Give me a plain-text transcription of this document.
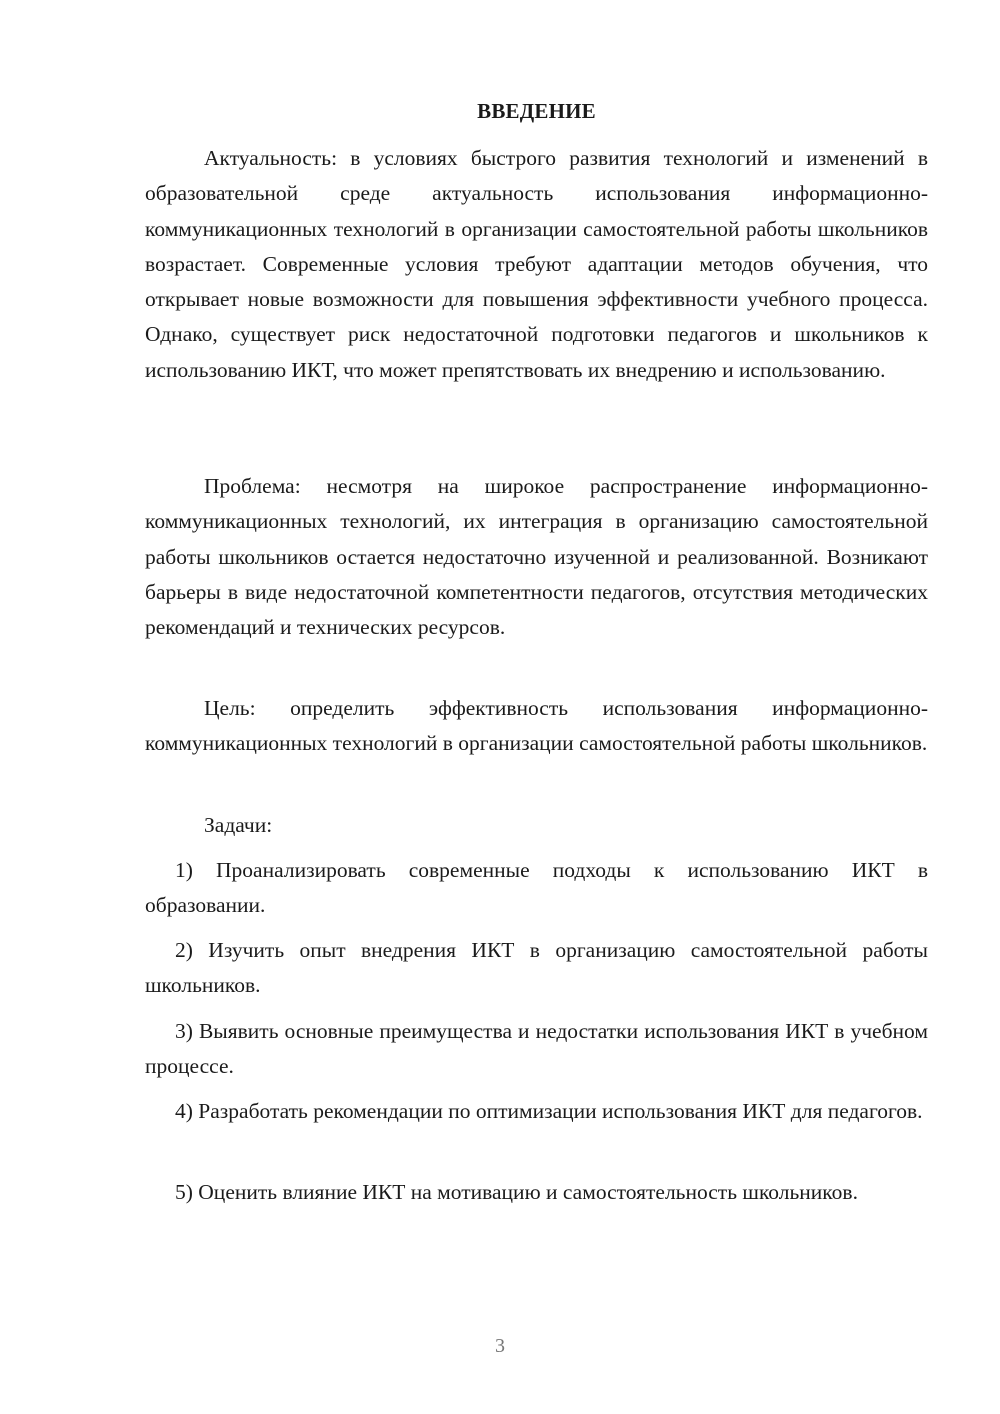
ВВЕДЕНИЕ

Актуальность: в условиях быстрого развития технологий и изменений в образовательной среде актуальность использования информационно-коммуникационных технологий в организации самостоятельной работы школьников возрастает. Современные условия требуют адаптации методов обучения, что открывает новые возможности для повышения эффективности учебного процесса. Однако, существует риск недостаточной подготовки педагогов и школьников к использованию ИКТ, что может препятствовать их внедрению и использованию.

Проблема: несмотря на широкое распространение информационно-коммуникационных технологий, их интеграция в организацию самостоятельной работы школьников остается недостаточно изученной и реализованной. Возникают барьеры в виде недостаточной компетентности педагогов, отсутствия методических рекомендаций и технических ресурсов.

Цель: определить эффективность использования информационно-коммуникационных технологий в организации самостоятельной работы школьников.

Задачи:

1) Проанализировать современные подходы к использованию ИКТ в образовании.

2) Изучить опыт внедрения ИКТ в организацию самостоятельной работы школьников.

3) Выявить основные преимущества и недостатки использования ИКТ в учебном процессе.

4) Разработать рекомендации по оптимизации использования ИКТ для педагогов.

5) Оценить влияние ИКТ на мотивацию и самостоятельность школьников.

3
